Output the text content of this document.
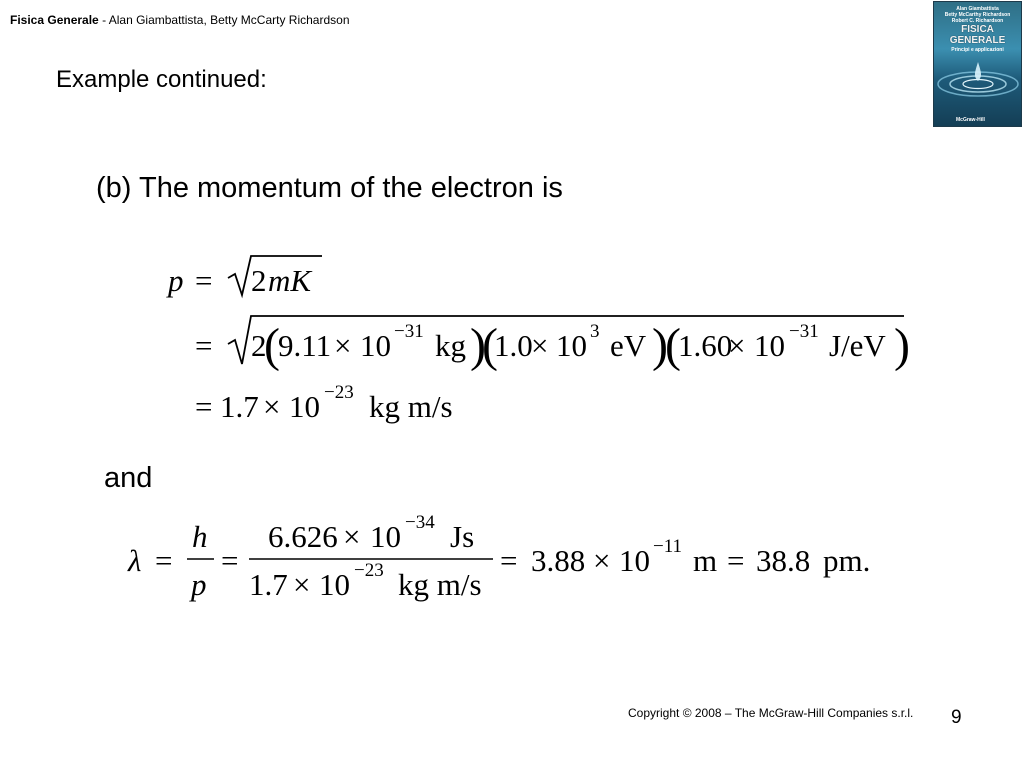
Fisica Generale - Alan Giambattista, Betty McCarty Richardson
Alan Giambattista
Betty McCarthy Richardson
Robert C. Richardson
FISICA
GENERALE
Principi e applicazioni
McGraw-Hill
Example continued:
(b) The momentum of the electron is
p = 2 mK
= 2
(
9.11 × 10 −31 kg )
(
1.0
× 10 3 eV )
(
1.60
× 10 −31 J/eV )
= 1.7 × 10 −23 kg m/s
and
λ =
h
p
=
6.626 × 10 −34 Js
1.7 × 10 −23 kg m/s
= 3.88 × 10 −11 m = 38.8 pm.
Copyright © 2008 – The McGraw-Hill Companies s.r.l. 9
